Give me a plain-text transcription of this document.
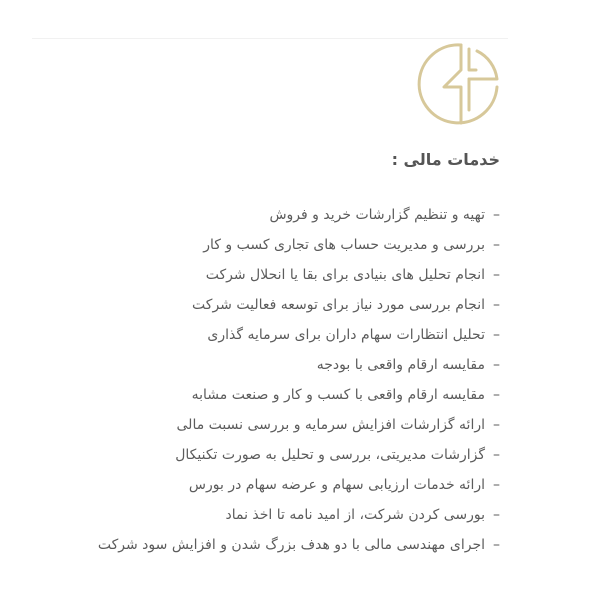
خدمات مالی :
–تهیه و تنظیم گزارشات خرید و فروش
–بررسی و مدیریت حساب های تجاری کسب و کار
–انجام تحلیل های بنیادی برای بقا یا انحلال شرکت
–انجام بررسی مورد نیاز برای توسعه فعالیت شرکت
–تحلیل انتظارات سهام داران برای سرمایه گذاری
–مقایسه ارقام واقعی با بودجه
–مقایسه ارقام واقعی با کسب و کار و صنعت مشابه
–ارائه گزارشات افزایش سرمایه و بررسی نسبت مالی
–گزارشات مدیریتی، بررسی و تحلیل به صورت تکنیکال
–ارائه خدمات ارزیابی سهام و عرضه سهام در بورس
–بورسی کردن شرکت، از امید نامه تا اخذ نماد
–اجرای مهندسی مالی با دو هدف بزرگ شدن و افزایش سود شرکت
